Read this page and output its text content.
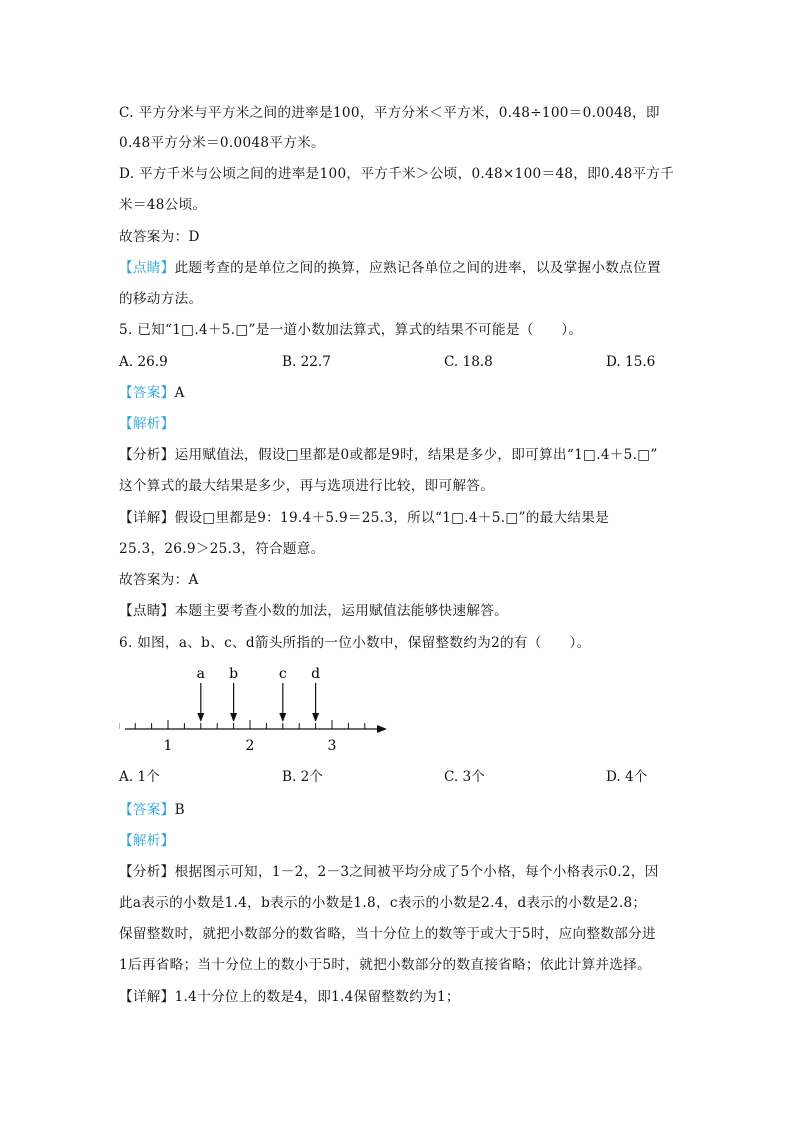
C. 平方分米与平方米之间的进率是100，平方分米＜平方米，0.48÷100＝0.0048，即
0.48平方分米＝0.0048平方米。
D. 平方千米与公顷之间的进率是100，平方千米＞公顷，0.48×100＝48，即0.48平方千
米＝48公顷。
故答案为：D
【点睛】此题考查的是单位之间的换算，应熟记各单位之间的进率，以及掌握小数点位置
的移动方法。
5. 已知“1□.4＋5.□”是一道小数加法算式，算式的结果不可能是（　　）。
A. 26.9	B. 22.7	C. 18.8	D. 15.6
【答案】A
【解析】
【分析】运用赋值法，假设□里都是0或都是9时，结果是多少，即可算出“1□.4＋5.□”
这个算式的最大结果是多少，再与选项进行比较，即可解答。
【详解】假设□里都是9：19.4＋5.9＝25.3，所以“1□.4＋5.□”的最大结果是
25.3，26.9＞25.3，符合题意。
故答案为：A
【点睛】本题主要考查小数的加法，运用赋值法能够快速解答。
6. 如图，a、b、c、d箭头所指的一位小数中，保留整数约为2的有（　　）。
a b	c d
1	2	3
A. 1个	B. 2个	C. 3个	D. 4个
【答案】B
【解析】
【分析】根据图示可知，1－2，2－3之间被平均分成了5个小格，每个小格表示0.2，因
此a表示的小数是1.4，b表示的小数是1.8，c表示的小数是2.4，d表示的小数是2.8；
保留整数时，就把小数部分的数省略，当十分位上的数等于或大于5时，应向整数部分进
1后再省略；当十分位上的数小于5时，就把小数部分的数直接省略；依此计算并选择。
【详解】1.4十分位上的数是4，即1.4保留整数约为1；
